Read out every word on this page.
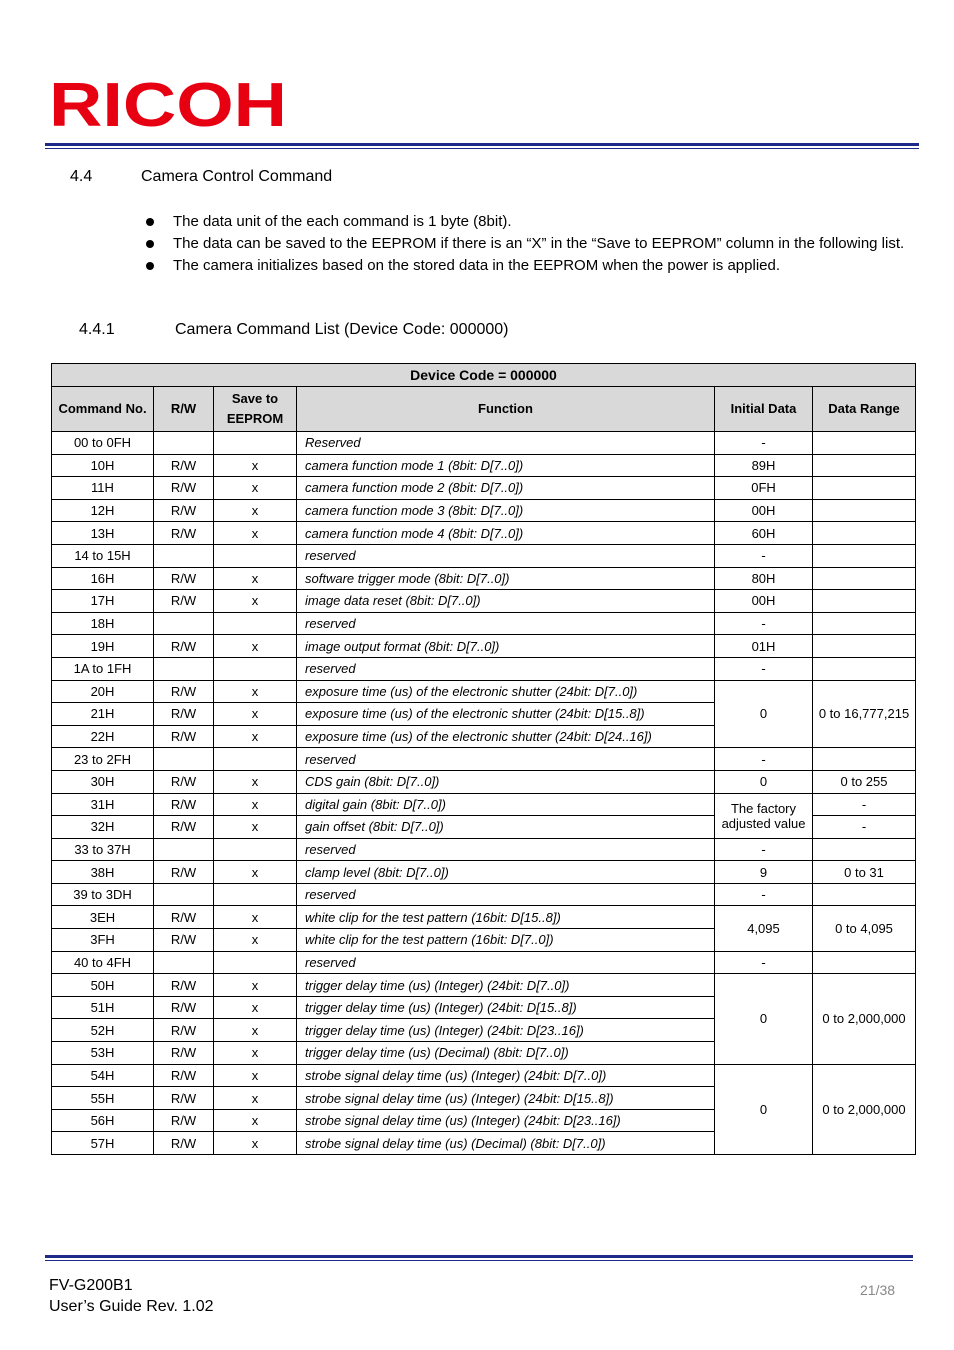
RICOH
4.4	Camera Control Command
The data unit of the each command is 1 byte (8bit).
The data can be saved to the EEPROM if there is an “X” in the “Save to EEPROM” column in the following list.
The camera initializes based on the stored data in the EEPROM when the power is applied.
4.4.1	Camera Command List (Device Code: 000000)
Device Code = 000000					
Command No.	R/W	Save to EEPROM	Function	Initial Data	Data Range
00 to 0FH			Reserved	-	
10H	R/W	x	camera function mode 1 (8bit: D[7..0])	89H	
11H	R/W	x	camera function mode 2 (8bit: D[7..0])	0FH	
12H	R/W	x	camera function mode 3 (8bit: D[7..0])	00H	
13H	R/W	x	camera function mode 4 (8bit: D[7..0])	60H	
14 to 15H			reserved	-	
16H	R/W	x	software trigger mode (8bit: D[7..0])	80H	
17H	R/W	x	image data reset (8bit: D[7..0])	00H	
18H			reserved	-	
19H	R/W	x	image output format (8bit: D[7..0])	01H	
1A to 1FH			reserved	-	
20H	R/W	x	exposure time (us) of the electronic shutter (24bit: D[7..0])	0	0 to 16,777,215
21H	R/W	x	exposure time (us) of the electronic shutter (24bit: D[15..8])		
22H	R/W	x	exposure time (us) of the electronic shutter (24bit: D[24..16])		
23 to 2FH			reserved	-	
30H	R/W	x	CDS gain (8bit: D[7..0])	0	0 to 255
31H	R/W	x	digital gain (8bit: D[7..0])	The factory adjusted value	-
32H	R/W	x	gain offset (8bit: D[7..0])		-
33 to 37H			reserved	-	
38H	R/W	x	clamp level (8bit: D[7..0])	9	0 to 31
39 to 3DH			reserved	-	
3EH	R/W	x	white clip for the test pattern (16bit: D[15..8])	4,095	0 to 4,095
3FH	R/W	x	white clip for the test pattern (16bit: D[7..0])		
40 to 4FH			reserved	-	
50H	R/W	x	trigger delay time (us) (Integer) (24bit: D[7..0])	0	0 to 2,000,000
51H	R/W	x	trigger delay time (us) (Integer) (24bit: D[15..8])		
52H	R/W	x	trigger delay time (us) (Integer) (24bit: D[23..16])		
53H	R/W	x	trigger delay time (us) (Decimal) (8bit: D[7..0])		
54H	R/W	x	strobe signal delay time (us) (Integer) (24bit: D[7..0])	0	0 to 2,000,000
55H	R/W	x	strobe signal delay time (us) (Integer) (24bit: D[15..8])		
56H	R/W	x	strobe signal delay time (us) (Integer) (24bit: D[23..16])		
57H	R/W	x	strobe signal delay time (us) (Decimal) (8bit: D[7..0])		
FV-G200B1
User’s Guide Rev. 1.02
21/38
